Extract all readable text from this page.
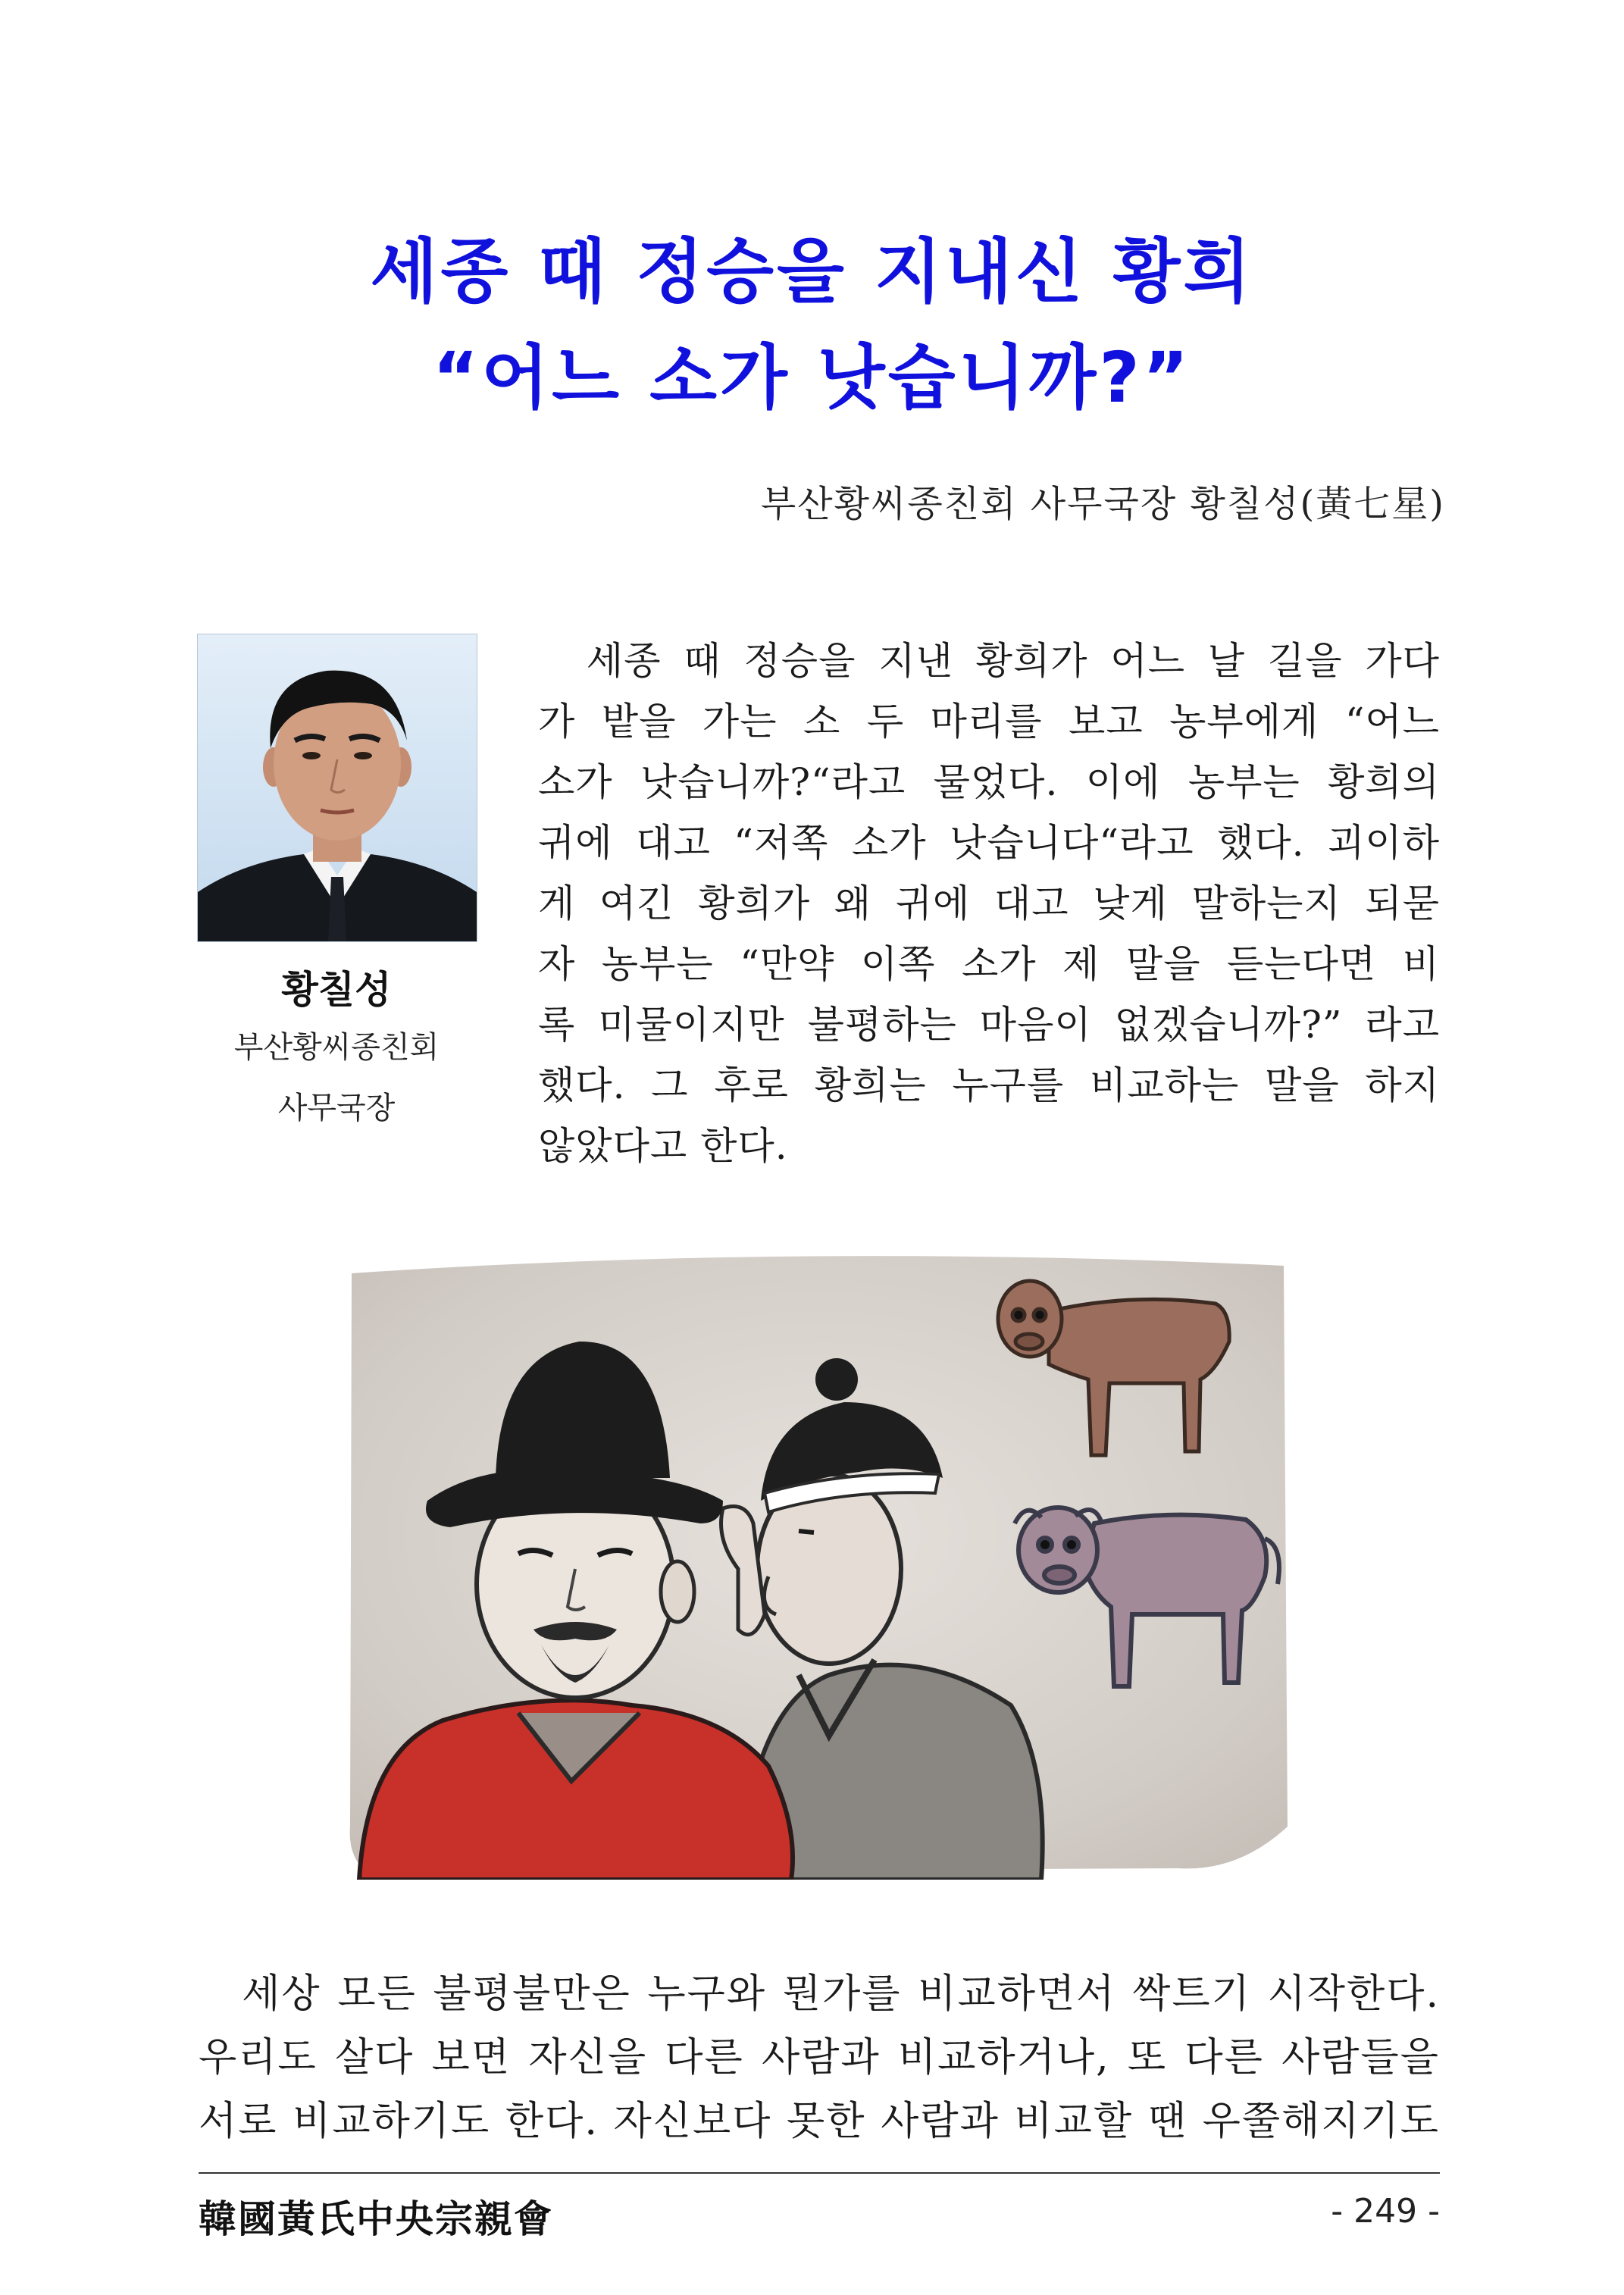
세종 때 정승을 지내신 황희
“어느 소가 낫습니까?”
부산황씨종친회 사무국장 황칠성(黃七星)
황칠성
부산황씨종친회
사무국장

　세종 때 정승을 지낸 황희가 어느 날 길을 가다

가 밭을 가는 소 두 마리를 보고 농부에게 “어느

소가 낫습니까?“라고 물었다. 이에 농부는 황희의

귀에 대고 “저쪽 소가 낫습니다“라고 했다. 괴이하

게 여긴 황희가 왜 귀에 대고 낮게 말하는지 되묻

자 농부는 “만약 이쪽 소가 제 말을 듣는다면 비

록 미물이지만 불평하는 마음이 없겠습니까?” 라고

했다. 그 후로 황희는 누구를 비교하는 말을 하지

않았다고 한다.

　세상 모든 불평불만은 누구와 뭔가를 비교하면서 싹트기 시작한다.

우리도 살다 보면 자신을 다른 사람과 비교하거나, 또 다른 사람들을

서로 비교하기도 한다. 자신보다 못한 사람과 비교할 땐 우쭐해지기도

韓國黃氏中央宗親會	- 249 -
